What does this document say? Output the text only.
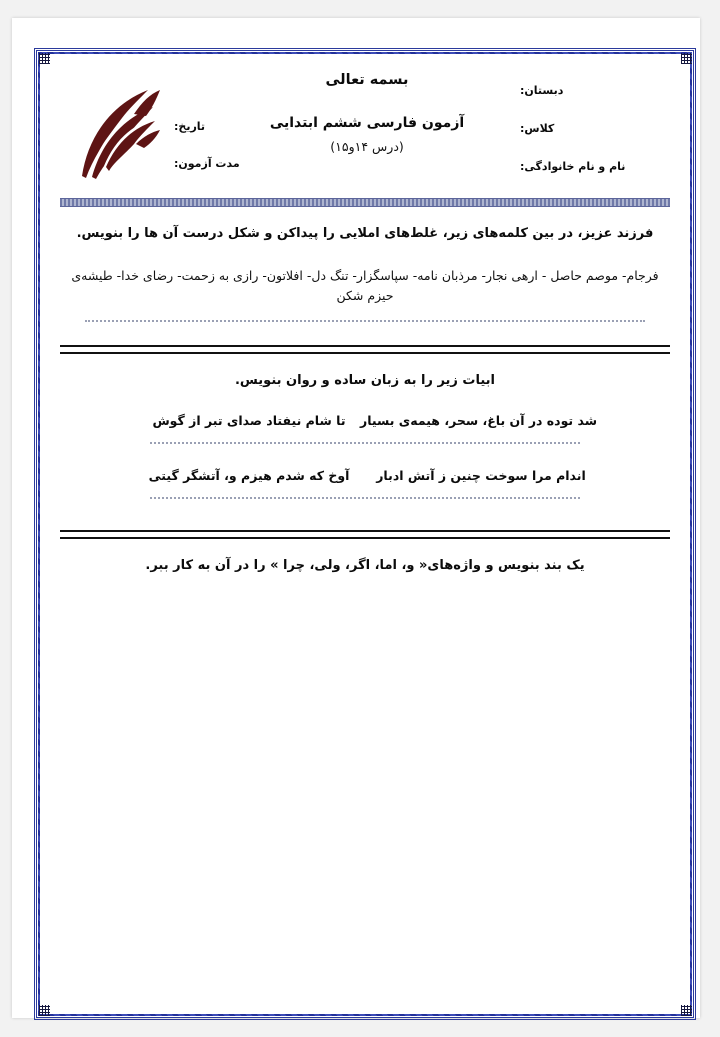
بسمه تعالی
آزمون فارسی ششم ابتدایی
(درس ۱۴و۱۵)
دبستان:
کلاس:
نام و نام خانوادگی:
تاریخ:
مدت آزمون:
فرزند عزیز، در بین کلمه‌های زیر، غلط‌های املایی را پیداکن و شکل درست آن ها را بنویس.
فرجام- موصم حاصل - ارهی نجار- مرذبان نامه- سپاسگزار- تنگ دل- افلاتون- رازی به زحمت- رضای خدا- طیشه‌ی حیزم شکن
ابیات زیر را به زبان ساده و روان بنویس.
شد توده در آن باغ، سحر، هیمه‌ی بسیار
تا شام نیفتاد صدای تبر از گوش
اندام مرا سوخت چنین ز آتش ادبار
آوخ که شدم هیزم و، آتشگر گیتی
یک بند بنویس و واژه‌های« و، اما، اگر، ولی، چرا » را در آن به کار ببر.
